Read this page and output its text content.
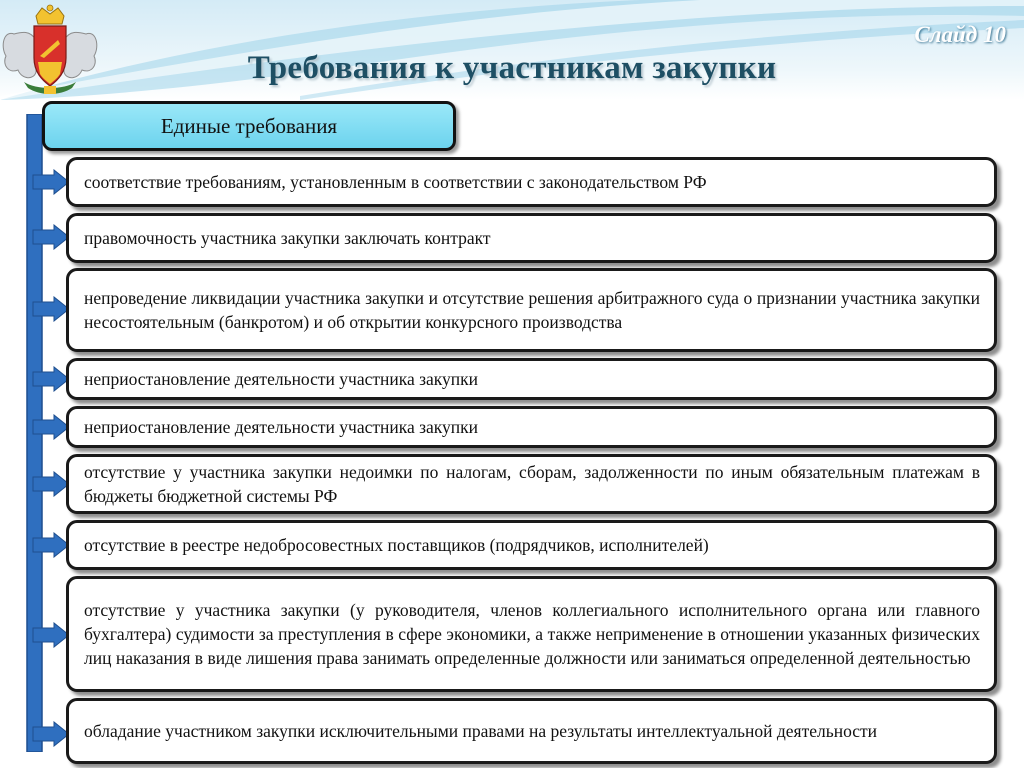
Слайд 10
Требования к участникам закупки
Единые требования
соответствие требованиям, установленным в соответствии с законодательством РФ
правомочность участника закупки заключать контракт
непроведение ликвидации участника закупки и отсутствие решения арбитражного суда о признании участника закупки несостоятельным (банкротом) и об открытии конкурсного производства
неприостановление деятельности участника закупки
неприостановление деятельности участника закупки
отсутствие у участника закупки недоимки по налогам, сборам, задолженности по иным обязательным платежам в бюджеты бюджетной системы РФ
отсутствие в реестре недобросовестных поставщиков (подрядчиков, исполнителей)
отсутствие у участника закупки (у руководителя, членов коллегиального исполнительного органа или главного бухгалтера) судимости за преступления в сфере экономики, а также неприменение в отношении указанных физических лиц наказания в виде лишения права занимать определенные должности или заниматься определенной деятельностью
обладание участником закупки исключительными правами на результаты интеллектуальной деятельности
